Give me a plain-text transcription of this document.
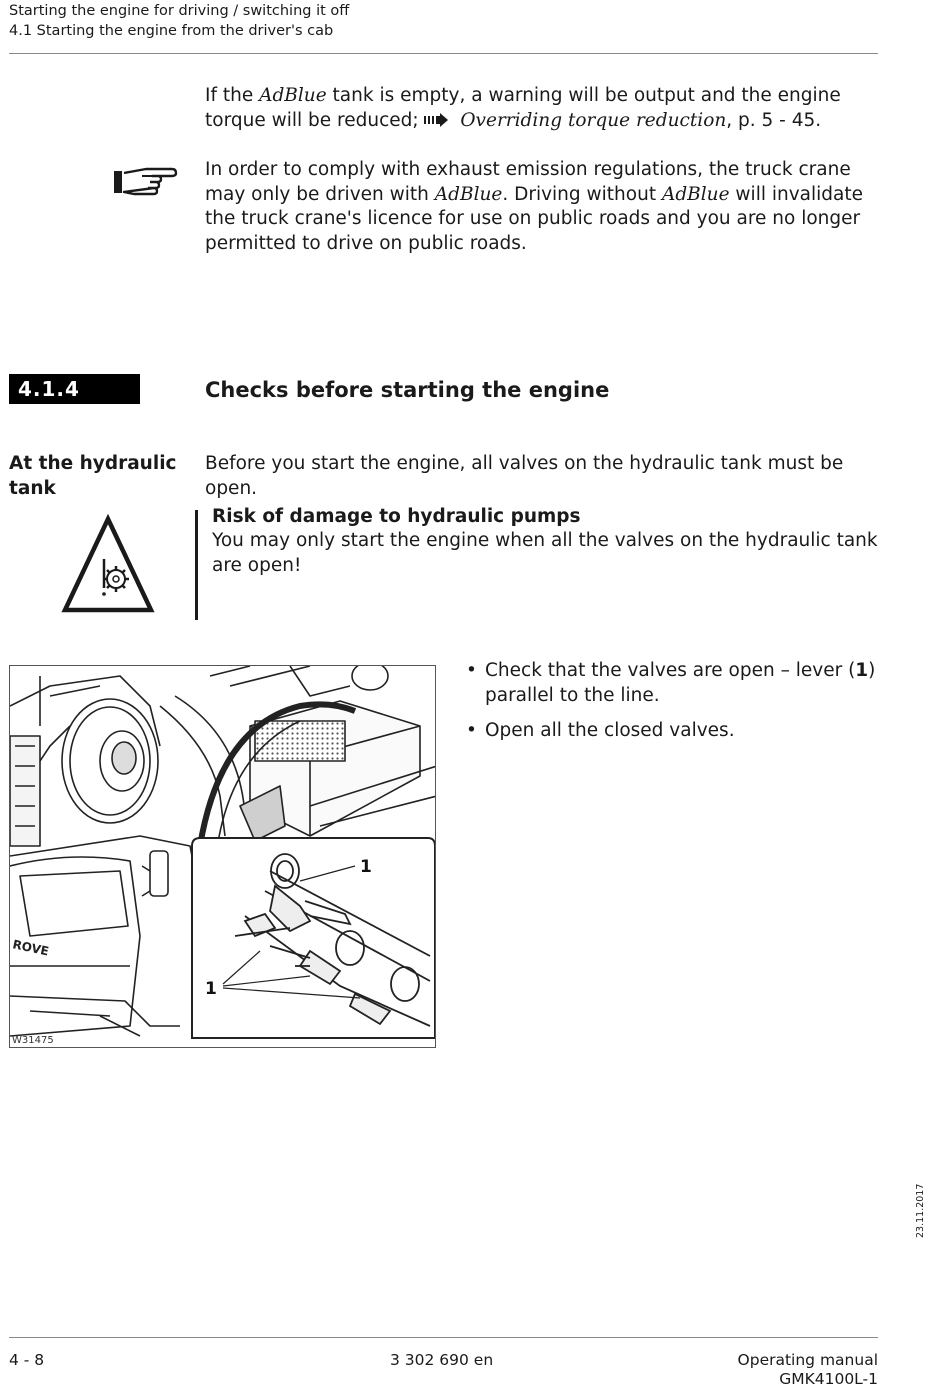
Starting the engine for driving / switching it off
4.1 Starting the engine from the driver's cab

If the AdBlue tank is empty, a warning will be output and the engine torque will be reduced;  Overriding torque reduction, p. 5 - 45.

In order to comply with exhaust emission regulations, the truck crane may only be driven with AdBlue. Driving without AdBlue will invalidate the truck crane's licence for use on public roads and you are no longer permitted to drive on public roads.

4.1.4	Checks before starting the engine
At the hydraulic tank

Before you start the engine, all valves on the hydraulic tank must be open.

Risk of damage to hydraulic pumps

You may only start the engine when all the valves on the hydraulic tank are open!

ROVE
1
1
W31475
• Check that the valves are open – lever (1) parallel to the line.
• Open all the closed valves.
23.11.2017
4 - 8	3 302 690 en	Operating manual
GMK4100L-1
